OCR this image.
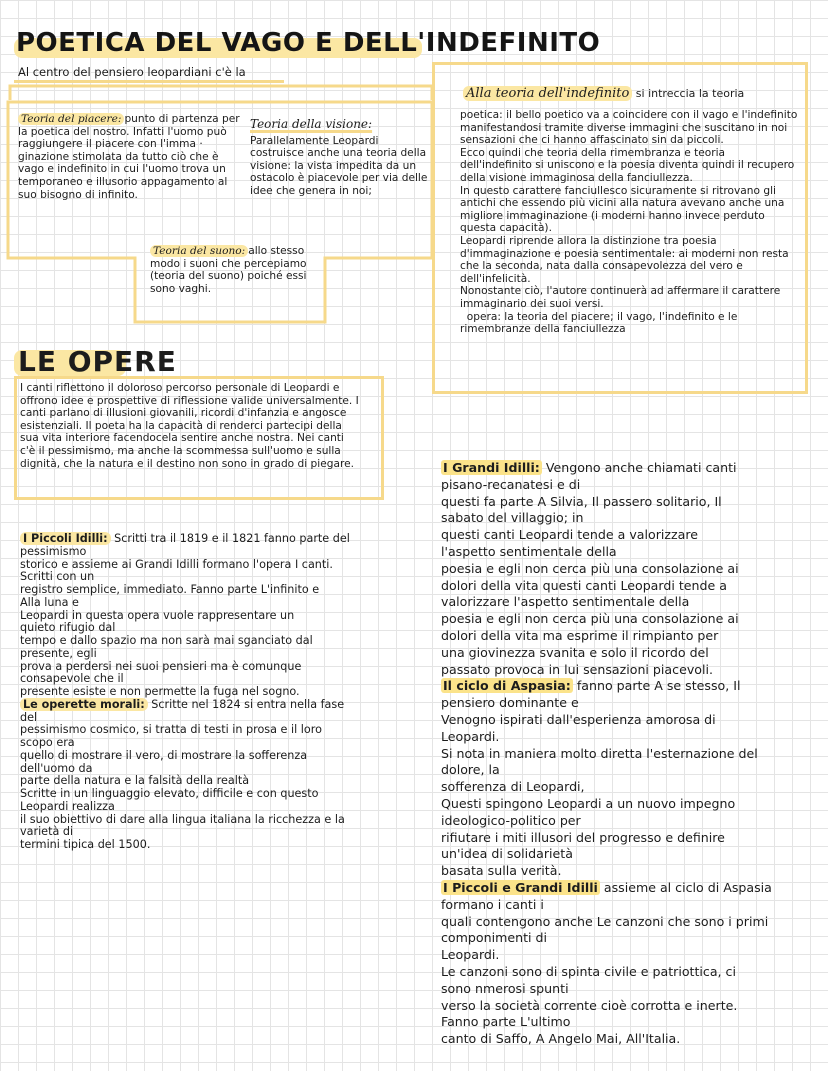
POETICA DEL VAGO E DELL'INDEFINITO
Al centro del pensiero leopardiani c'è la
Teoria del piacere: punto di partenza per la poetica del nostro. Infatti l'uomo può raggiungere il piacere con l'imma · ginazione stimolata da tutto ciò che è vago e indefinito in cui l'uomo trova un temporaneo e illusorio appagamento al suo bisogno di infinito.
Teoria della visione:
Parallelamente Leopardi costruisce anche una teoria della visione: la vista impedita da un ostacolo è piacevole per via delle idee che genera in noi;
Teoria del suono: allo stesso modo i suoni che percepiamo (teoria del suono) poiché essi sono vaghi.
Alla teoria dell'indefinito si intreccia la teoria

poetica: il bello poetico va a coincidere con il vago e l'indefinito manifestandosi tramite diverse immagini che suscitano in noi sensazioni che ci hanno affascinato sin da piccoli.

Ecco quindi che teoria della rimembranza e teoria dell'indefinito si uniscono e la poesia diventa quindi il recupero della visione immaginosa della fanciullezza.

In questo carattere fanciullesco sicuramente si ritrovano gli antichi che essendo più vicini alla natura avevano anche una migliore immaginazione (i moderni hanno invece perduto questa capacità).

Leopardi riprende allora la distinzione tra poesia d'immaginazione e poesia sentimentale: ai moderni non resta che la seconda, nata dalla consapevolezza del vero e dell'infelicità.

Nonostante ciò, l'autore continuerà ad affermare il carattere immaginario dei suoi versi.

opera: la teoria del piacere; il vago, l'indefinito e le rimembranze della fanciullezza

LE OPERE
I canti riflettono il doloroso percorso personale di Leopardi e offrono idee e prospettive di riflessione valide universalmente. I canti parlano di illusioni giovanili, ricordi d'infanzia e angosce esistenziali. Il poeta ha la capacità di renderci partecipi della sua vita interiore facendocela sentire anche nostra. Nei canti c'è il pessimismo, ma anche la scommessa sull'uomo e sulla dignità, che la natura e il destino non sono in grado di piegare.
I Piccoli Idilli: Scritti tra il 1819 e il 1821 fanno parte del
pessimismo
storico e assieme ai Grandi Idilli formano l'opera I canti.
Scritti con un
registro semplice, immediato. Fanno parte L'infinito e
Alla luna e
Leopardi in questa opera vuole rappresentare un
quieto rifugio dal
tempo e dallo spazio ma non sarà mai sganciato dal
presente, egli
prova a perdersi nei suoi pensieri ma è comunque
consapevole che il
presente esiste e non permette la fuga nel sogno.
Le operette morali: Scritte nel 1824 si entra nella fase
del
pessimismo cosmico, si tratta di testi in prosa e il loro
scopo era
quello di mostrare il vero, di mostrare la sofferenza
dell'uomo da
parte della natura e la falsità della realtà
Scritte in un linguaggio elevato, difficile e con questo
Leopardi realizza
il suo obiettivo di dare alla lingua italiana la ricchezza e la
varietà di
termini tipica del 1500.
I Grandi Idilli: Vengono anche chiamati canti
pisano-recanatesi e di
questi fa parte A Silvia, Il passero solitario, Il
sabato del villaggio; in
questi canti Leopardi tende a valorizzare
l'aspetto sentimentale della
poesia e egli non cerca più una consolazione ai
dolori della vita questi canti Leopardi tende a
valorizzare l'aspetto sentimentale della
poesia e egli non cerca più una consolazione ai
dolori della vita ma esprime il rimpianto per
una giovinezza svanita e solo il ricordo del
passato provoca in lui sensazioni piacevoli.
Il ciclo di Aspasia: fanno parte A se stesso, Il
pensiero dominante e
Venogno ispirati dall'esperienza amorosa di
Leopardi.
Si nota in maniera molto diretta l'esternazione del
dolore, la
sofferenza di Leopardi,
Questi spingono Leopardi a un nuovo impegno
ideologico-politico per
rifiutare i miti illusori del progresso e definire
un'idea di solidarietà
basata sulla verità.
I Piccoli e Grandi Idilli assieme al ciclo di Aspasia
formano i canti i
quali contengono anche Le canzoni che sono i primi
componimenti di
Leopardi.
Le canzoni sono di spinta civile e patriottica, ci
sono nmerosi spunti
verso la società corrente cioè corrotta e inerte.
Fanno parte L'ultimo
canto di Saffo, A Angelo Mai, All'Italia.
